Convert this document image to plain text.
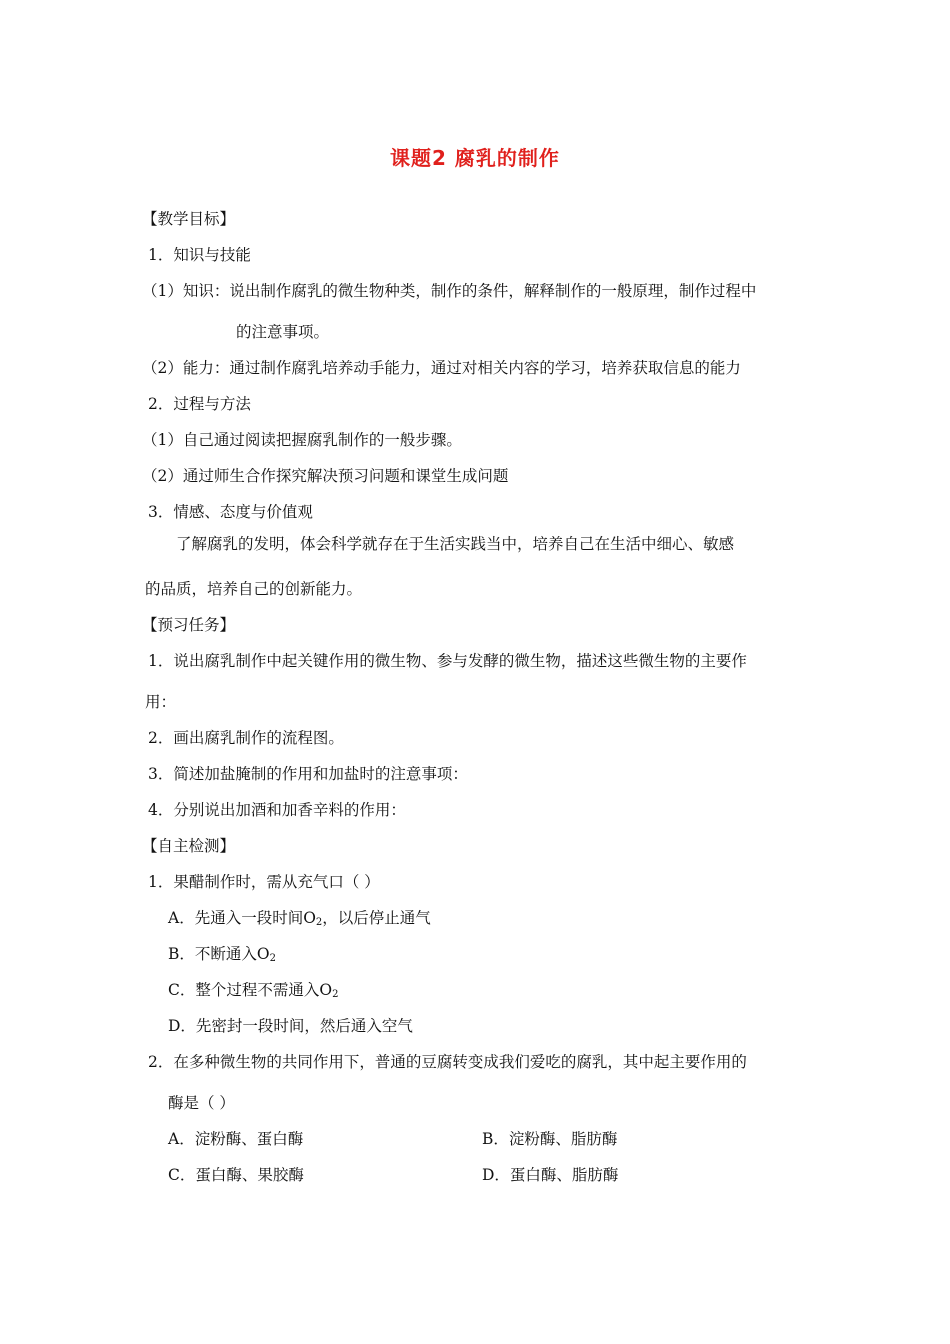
课题2 腐乳的制作
【教学目标】
1．知识与技能
（1）知识：说出制作腐乳的微生物种类，制作的条件，解释制作的一般原理，制作过程中
的注意事项。
（2）能力：通过制作腐乳培养动手能力，通过对相关内容的学习，培养获取信息的能力
2．过程与方法
（1）自己通过阅读把握腐乳制作的一般步骤。
（2）通过师生合作探究解决预习问题和课堂生成问题
3．情感、态度与价值观
了解腐乳的发明，体会科学就存在于生活实践当中，培养自己在生活中细心、敏感
的品质，培养自己的创新能力。
【预习任务】
1．说出腐乳制作中起关键作用的微生物、参与发酵的微生物，描述这些微生物的主要作
用：
2．画出腐乳制作的流程图。
3．简述加盐腌制的作用和加盐时的注意事项：
4．分别说出加酒和加香辛料的作用：
【自主检测】
1．果醋制作时，需从充气口（ ）
A．先通入一段时间$O_2$，以后停止通气
B．不断通入$O_2$
C．整个过程不需通入$O_2$
D．先密封一段时间，然后通入空气
2．在多种微生物的共同作用下，普通的豆腐转变成我们爱吃的腐乳，其中起主要作用的
酶是（ ）
A．淀粉酶、蛋白酶	B．淀粉酶、脂肪酶
C．蛋白酶、果胶酶	D．蛋白酶、脂肪酶
